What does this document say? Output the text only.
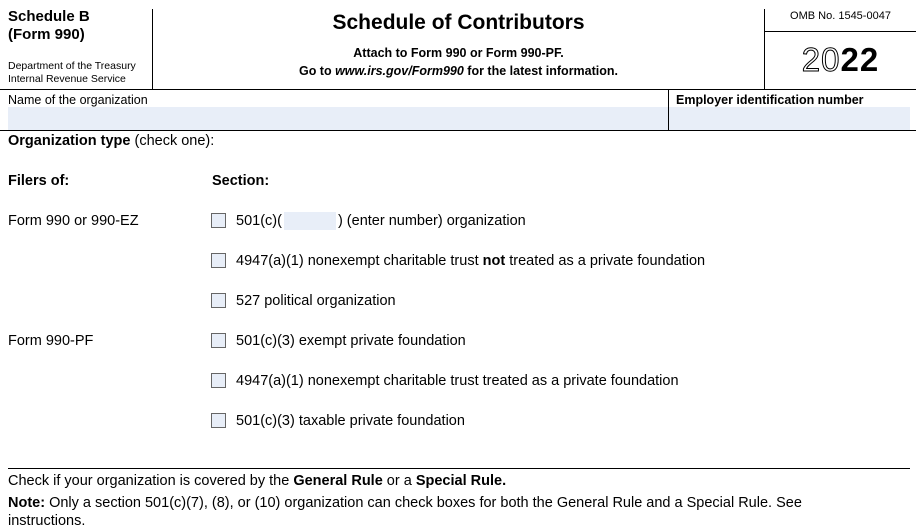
Schedule B
(Form 990)
Department of the Treasury
Internal Revenue Service
Schedule of Contributors
Attach to Form 990 or Form 990-PF.
Go to www.irs.gov/Form990 for the latest information.
OMB No. 1545-0047
2022
Name of the organization	Employer identification number
Organization type (check one):
Filers of:	Section:
Form 990 or 990-EZ	501(c)(	) (enter number) organization
4947(a)(1) nonexempt charitable trust not treated as a private foundation
527 political organization
Form 990-PF	501(c)(3) exempt private foundation
4947(a)(1) nonexempt charitable trust treated as a private foundation
501(c)(3) taxable private foundation
Check if your organization is covered by the General Rule or a Special Rule.
Note: Only a section 501(c)(7), (8), or (10) organization can check boxes for both the General Rule and a Special Rule. See
instructions.
